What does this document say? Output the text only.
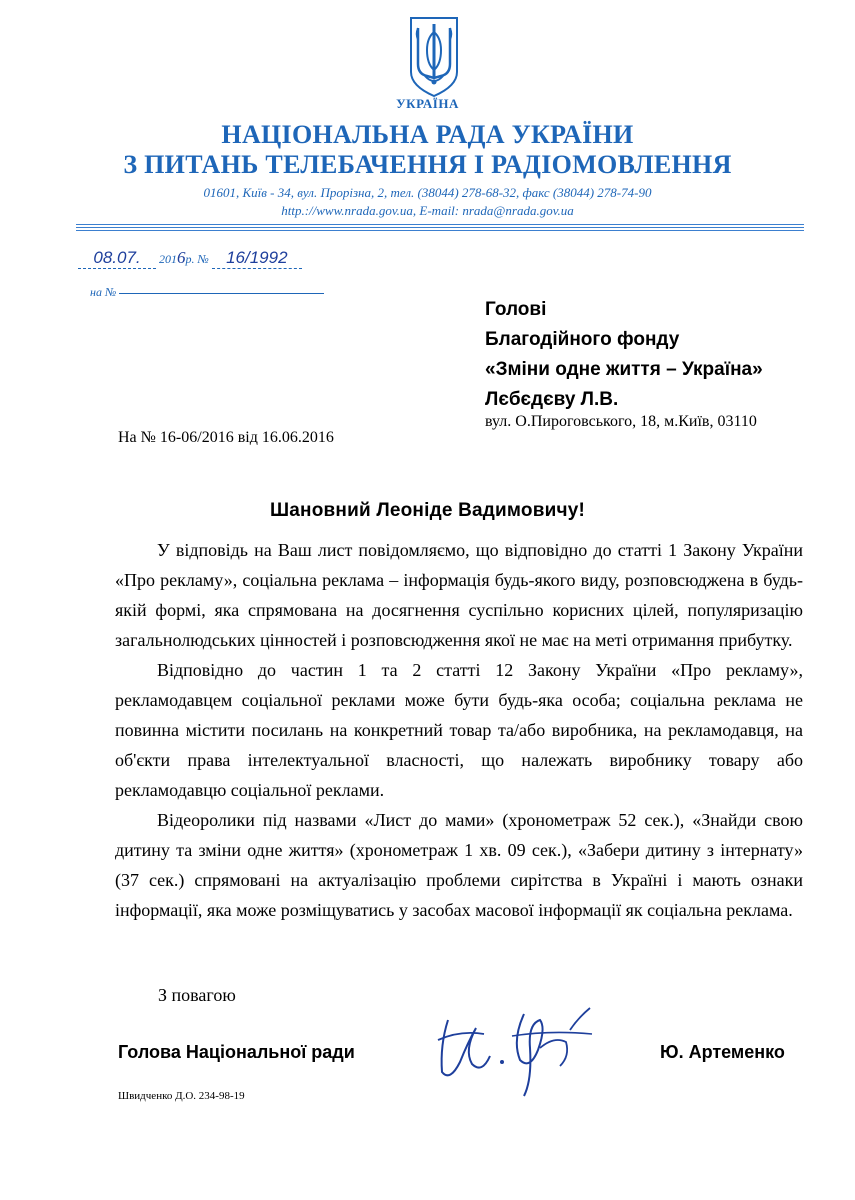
УКРАЇНА
НАЦІОНАЛЬНА РАДА УКРАЇНИ
З ПИТАНЬ ТЕЛЕБАЧЕННЯ І РАДІОМОВЛЕННЯ
01601, Київ - 34, вул. Прорізна, 2, тел. (38044) 278-68-32, факс (38044) 278-74-90
http.://www.nrada.gov.ua, E-mail: nrada@nrada.gov.ua
08.07. 2016р. № 16/1992
на №
Голові
Благодійного фонду
«Зміни одне життя – Україна»
Лєбєдєву Л.В.
вул. О.Пироговського, 18, м.Київ, 03110
На № 16-06/2016 від 16.06.2016
Шановний Леоніде Вадимовичу!

У відповідь на Ваш лист повідомляємо, що відповідно до статті 1 Закону України «Про рекламу», соціальна реклама – інформація будь-якого виду, розповсюджена в будь-якій формі, яка спрямована на досягнення суспільно корисних цілей, популяризацію загальнолюдських цінностей і розповсюдження якої не має на меті отримання прибутку.

Відповідно до частин 1 та 2 статті 12 Закону України «Про рекламу», рекламодавцем соціальної реклами може бути будь-яка особа; соціальна реклама не повинна містити посилань на конкретний товар та/або виробника, на рекламодавця, на об'єкти права інтелектуальної власності, що належать виробнику товару або рекламодавцю соціальної реклами.

Відеоролики під назвами «Лист до мами» (хронометраж 52 сек.), «Знайди свою дитину та зміни одне життя» (хронометраж 1 хв. 09 сек.), «Забери дитину з інтернату» (37 сек.) спрямовані на актуалізацію проблеми сирітства в Україні і мають ознаки інформації, яка може розміщуватись у засобах масової інформації як соціальна реклама.

З повагою
Голова Національної ради	Ю. Артеменко
Швидченко Д.О. 234-98-19
